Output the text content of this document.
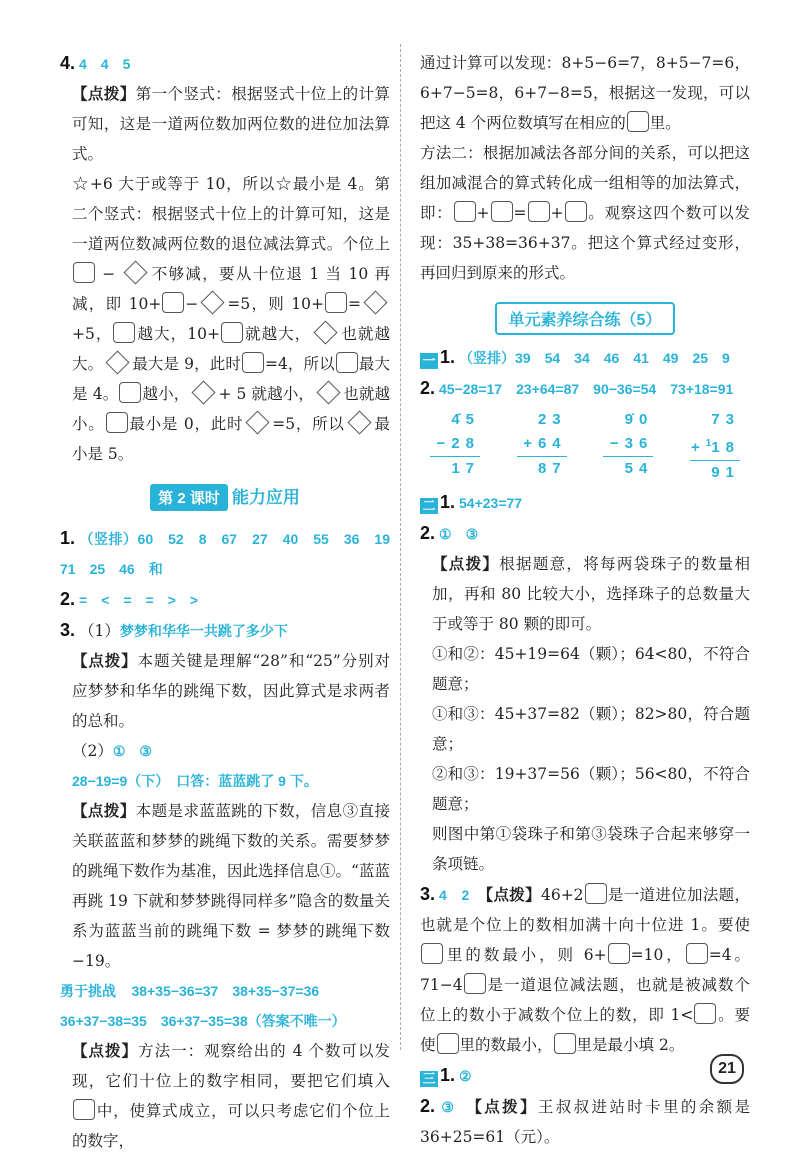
4. 4　4　5

【点拨】第一个竖式：根据竖式十位上的计算可知，这是一道两位数加两位数的进位加法算式。
☆+6 大于或等于 10，所以☆最小是 4。第二个竖式：根据竖式十位上的计算可知，这是一道两位数减两位数的退位减法算式。个位上 − 不够减，要从十位退 1 当 10 再减，即 10+ − =5，则 10+ =+5， 越大，10+ 就越大， 也就越大。 最大是 9，此时 =4，所以 最大是 4。 越小， + 5 就越小， 也就越小。 最小是 0，此时 =5，所以 最小是 5。

第 2 课时 能力应用

1. （竖排）60　52　8　67　27　40　55　36　19　71　25　46　和

2. =　<　=　=　>　>

3. （1）梦梦和华华一共跳了多少下

【点拨】本题关键是理解“28”和“25”分别对应梦梦和华华的跳绳下数，因此算式是求两者的总和。

（2）①　③

28−19=9（下）　口答：蓝蓝跳了 9 下。

【点拨】本题是求蓝蓝跳的下数，信息③直接关联蓝蓝和梦梦的跳绳下数的关系。需要梦梦的跳绳下数作为基准，因此选择信息①。“蓝蓝再跳 19 下就和梦梦跳得同样多”隐含的数量关系为蓝蓝当前的跳绳下数 = 梦梦的跳绳下数 −19。

勇于挑战　 38+35−36=37　38+35−37=36

36+37−38=35　36+37−35=38（答案不唯一）

【点拨】方法一：观察给出的 4 个数可以发现，它们十位上的数字相同，要把它们填入中，使算式成立，可以只考虑它们个位上的数字，

通过计算可以发现：8+5−6=7，8+5−7=6，6+7−5=8，6+7−8=5，根据这一发现，可以把这 4 个两位数填写在相应的 里。

方法二：根据加减法各部分间的关系，可以把这组加减混合的算式转化成一组相等的加法算式，即： + = + 。观察这四个数可以发现：35+38=36+37。把这个算式经过变形，再回归到原来的形式。

单元素养综合练（5）

一 1. （竖排）39　54　34　46　41　49　25　9

2. 45−28=17　23+64=87　90−36=54　73+18=91

4̇5
−28
17
23
+64
87
9̇0
−36
54
73
+$^1$18
91

二 1. 54+23=77

2. ①　③

【点拨】根据题意，将每两袋珠子的数量相加，再和 80 比较大小，选择珠子的总数量大于或等于 80 颗的即可。

①和②：45+19=64（颗）；64<80，不符合题意；

①和③：45+37=82（颗）；82>80，符合题意；

②和③：19+37=56（颗）；56<80，不符合题意；

则图中第①袋珠子和第③袋珠子合起来够穿一条项链。

3. 4　2　 【点拨】46+2 是一道进位加法题，也就是个位上的数相加满十向十位进 1。要使里的数最小，则 6+ =10， =4。71−4 是一道退位减法题，也就是被减数个位上的数小于减数个位上的数，即 1< 。要使 里的数最小， 里是最小填 2。

三 1. ②

2. ③　 【点拨】王叔叔进站时卡里的余额是 36+25=61（元）。

21
